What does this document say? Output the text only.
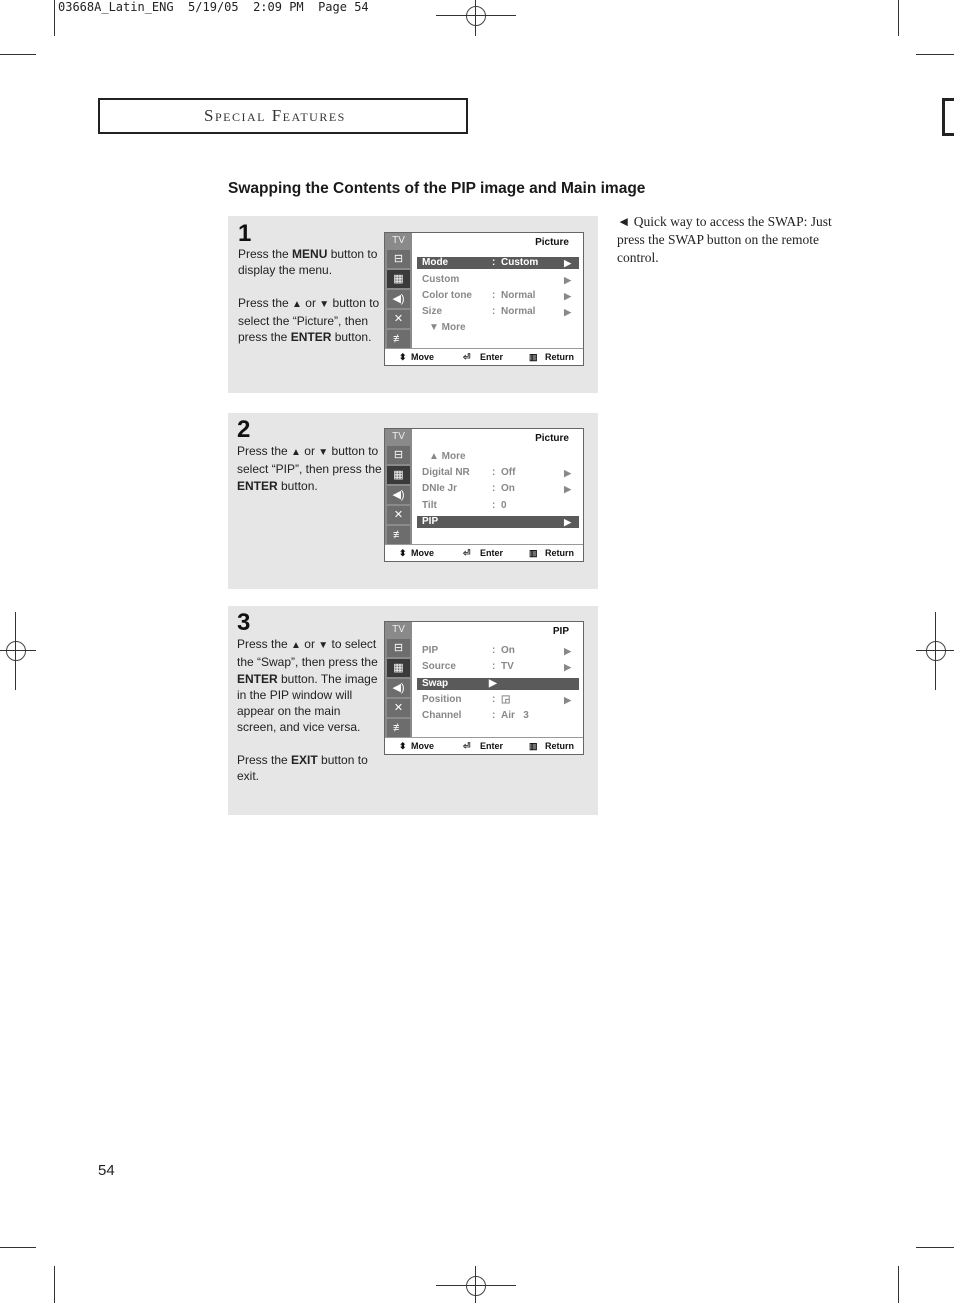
03668A_Latin_ENG  5/19/05  2:09 PM  Page 54
Special Features
Swapping the Contents of the PIP image and Main image
1

Press the MENU button to display the menu.

Press the ▲ or ▼ button to select the “Picture”, then press the ENTER button.

TV
⊟
▦
◀)
✕
≢
Picture
Mode	: Custom	▶
Custom	▶
Color tone : Normal	▶
Size	: Normal	▶
▼ More
⬍ Move	⏎ Enter	▥ Return
2

Press the ▲ or ▼ button to select “PIP”, then press the ENTER button.

TV
⊟
▦
◀)
✕
≢
Picture
▲ More
Digital NR : Off	▶
DNIe Jr	: On	▶
Tilt	: 0
PIP	▶
⬍ Move	⏎ Enter	▥ Return
3

Press the ▲ or ▼ to select the “Swap”, then press the ENTER button. The image in the PIP window will appear on the main screen, and vice versa.

Press the EXIT button to exit.

TV
⊟
▦
◀)
✕
≢
PIP
PIP	: On	▶
Source	: TV	▶
Swap	▶
Position	: ◲	▶
Channel	: Air   3
⬍ Move	⏎ Enter	▥ Return
◄ Quick way to access the SWAP: Just press the SWAP button on the remote control.
54
